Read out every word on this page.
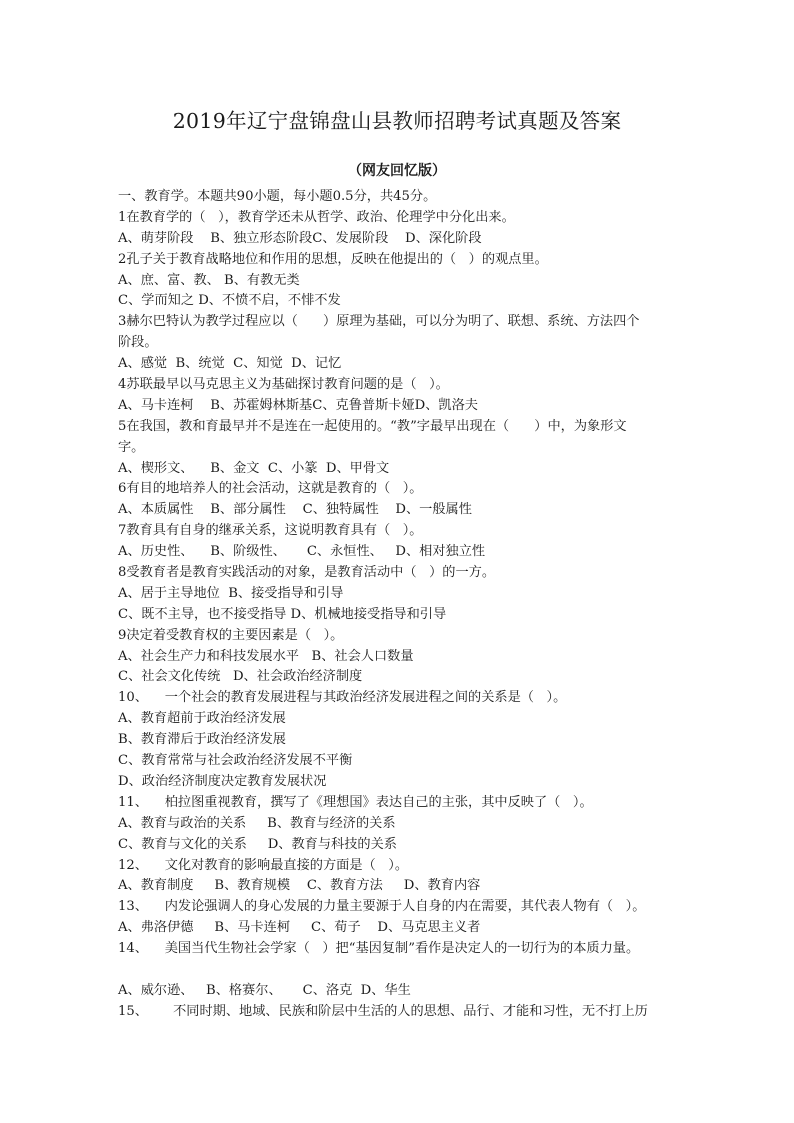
2019年辽宁盘锦盘山县教师招聘考试真题及答案
（网友回忆版）
一、教育学。本题共90小题，每小题0.5分，共45分。
1在教育学的（   ），教育学还未从哲学、政治、伦理学中分化出来。
A、萌芽阶段    B、独立形态阶段C、发展阶段    D、深化阶段
2孔子关于教育战略地位和作用的思想，反映在他提出的（   ）的观点里。
A、庶、富、教、 B、有教无类
C、学而知之 D、不愤不启，不悱不发
3赫尔巴特认为教学过程应以（      ）原理为基础，可以分为明了、联想、系统、方法四个
阶段。
A、感觉  B、统觉  C、知觉  D、记忆
4苏联最早以马克思主义为基础探讨教育问题的是（   ）。
A、马卡连柯    B、苏霍姆林斯基C、克鲁普斯卡娅D、凯洛夫
5在我国，教和育最早并不是连在一起使用的。“教”字最早出现在（      ）中，为象形文
字。
A、楔形文、    B、金文  C、小篆  D、甲骨文
6有目的地培养人的社会活动，这就是教育的（   ）。
A、本质属性    B、部分属性    C、独特属性    D、一般属性
7教育具有自身的继承关系，这说明教育具有（   ）。
A、历史性、    B、阶级性、     C、永恒性、   D、相对独立性
8受教育者是教育实践活动的对象，是教育活动中（   ）的一方。
A、居于主导地位  B、接受指导和引导
C、既不主导，也不接受指导 D、机械地接受指导和引导
9决定着受教育权的主要因素是（   ）。
A、社会生产力和科技发展水平   B、社会人口数量
C、社会文化传统   D、社会政治经济制度
10、    一个社会的教育发展进程与其政治经济发展进程之间的关系是（   ）。
A、教育超前于政治经济发展
B、教育滞后于政治经济发展
C、教育常常与社会政治经济发展不平衡
D、政治经济制度决定教育发展状况
11、    柏拉图重视教育，撰写了《理想国》表达自己的主张，其中反映了（   ）。
A、教育与政治的关系     B、教育与经济的关系
C、教育与文化的关系     D、教育与科技的关系
12、    文化对教育的影响最直接的方面是（   ）。
A、教育制度     B、教育规模    C、教育方法     D、教育内容
13、    内发论强调人的身心发展的力量主要源于人自身的内在需要，其代表人物有（   ）。
A、弗洛伊德     B、马卡连柯     C、荀子    D、马克思主义者
14、    美国当代生物社会学家（   ）把“基因复制”看作是决定人的一切行为的本质力量。
A、威尔逊、   B、格赛尔、     C、洛克  D、华生
15、      不同时期、地域、民族和阶层中生活的人的思想、品行、才能和习性，无不打上历
